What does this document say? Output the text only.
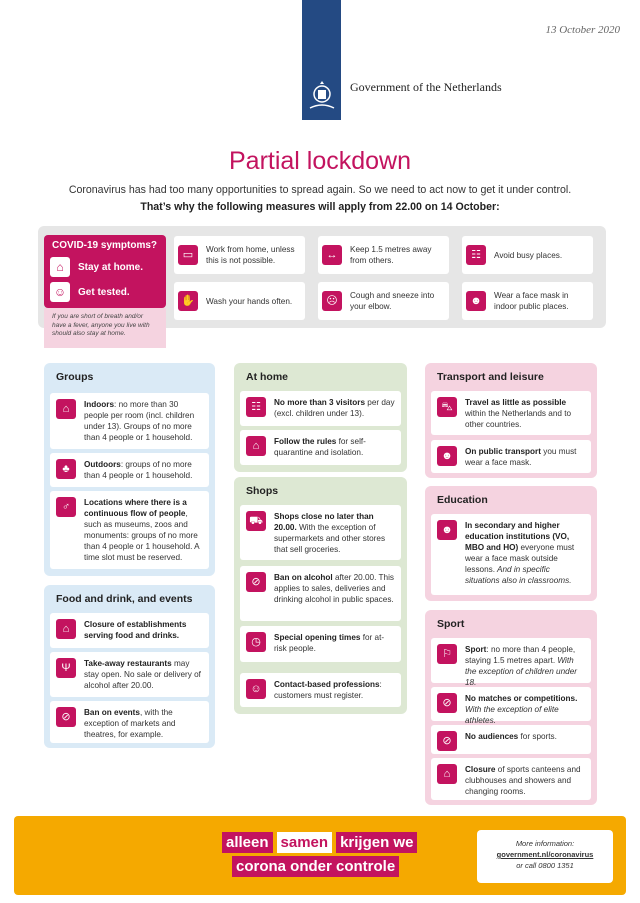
13 October 2020
Government of the Netherlands
Partial lockdown
Coronavirus has had too many opportunities to spread again. So we need to act now to get it under control.
That’s why the following measures will apply from 22.00 on 14 October:
COVID-19 symptoms?
⌂	Stay at home.
☺	Get tested.
If you are short of breath and/or have a fever, anyone you live with should also stay at home.
▭	Work from home, unless this is not possible.	↔	Keep 1.5 metres away from others.	☷	Avoid busy places.
✋	Wash your hands often.	☹	Cough and sneeze into your elbow.	☻	Wear a face mask in indoor public places.
Groups
⌂	Indoors: no more than 30 people per room (incl. children under 13). Groups of no more than 4 people or 1 household.
♣	Outdoors: groups of no more than 4 people or 1 household.
♂	Locations where there is a continuous flow of people, such as museums, zoos and monuments: groups of no more than 4 people or 1 household. A time slot must be reserved.
Food and drink, and events
⌂	Closure of establishments serving food and drinks.
Ψ	Take-away restaurants may stay open. No sale or delivery of alcohol after 20.00.
⊘	Ban on events, with the exception of markets and theatres, for example.
At home
☷	No more than 3 visitors per day (excl. children under 13).
⌂	Follow the rules for self-quarantine and isolation.
Shops
⛟	Shops close no later than 20.00. With the exception of supermarkets and other stores that sell groceries.
⊘	Ban on alcohol after 20.00. This applies to sales, deliveries and drinking alcohol in public spaces.
◷	Special opening times for at-risk people.
☺	Contact-based professions: customers must register.
Transport and leisure
⛍	Travel as little as possible within the Netherlands and to other countries.
☻	On public transport you must wear a face mask.
Education
☻	In secondary and higher education institutions (VO, MBO and HO) everyone must wear a face mask outside lessons. And in specific situations also in classrooms.
Sport
⚐	Sport: no more than 4 people, staying 1.5 metres apart. With the exception of children under 18.
⊘	No matches or competitions. With the exception of elite athletes.
⊘	No audiences for sports.
⌂	Closure of sports canteens and clubhouses and showers and changing rooms.
alleen samen krijgen we
corona onder controle
More information:
government.nl/coronavirus
or call 0800 1351
